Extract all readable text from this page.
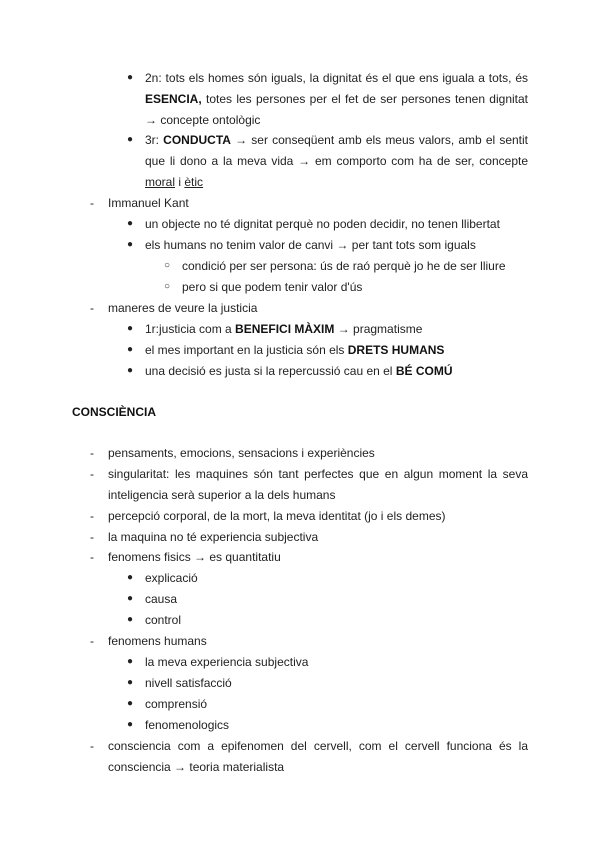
● 2n: tots els homes són iguals, la dignitat és el que ens iguala a tots, és
ESENCIA, totes les persones per el fet de ser persones tenen dignitat
→ concepte ontològic
● 3r: CONDUCTA → ser conseqüent amb els meus valors, amb el sentit
que li dono a la meva vida → em comporto com ha de ser, concepte
moral i ètic
- Immanuel Kant
● un objecte no té dignitat perquè no poden decidir, no tenen llibertat
● els humans no tenim valor de canvi → per tant tots som iguals
○ condició per ser persona: ús de raó perquè jo he de ser lliure
○ pero si que podem tenir valor d'ús
- maneres de veure la justicia
● 1r:justicia com a BENEFICI MÀXIM → pragmatisme
● el mes important en la justicia són els DRETS HUMANS
● una decisió es justa si la repercussió cau en el BÉ COMÚ
CONSCIÈNCIA
- pensaments, emocions, sensacions i experiències
- singularitat: les maquines són tant perfectes que en algun moment la seva
inteligencia serà superior a la dels humans
- percepció corporal, de la mort, la meva identitat (jo i els demes)
- la maquina no té experiencia subjectiva
- fenomens fisics → es quantitatiu
● explicació
● causa
● control
- fenomens humans
● la meva experiencia subjectiva
● nivell satisfacció
● comprensió
● fenomenologics
- consciencia com a epifenomen del cervell, com el cervell funciona és la
consciencia → teoria materialista
